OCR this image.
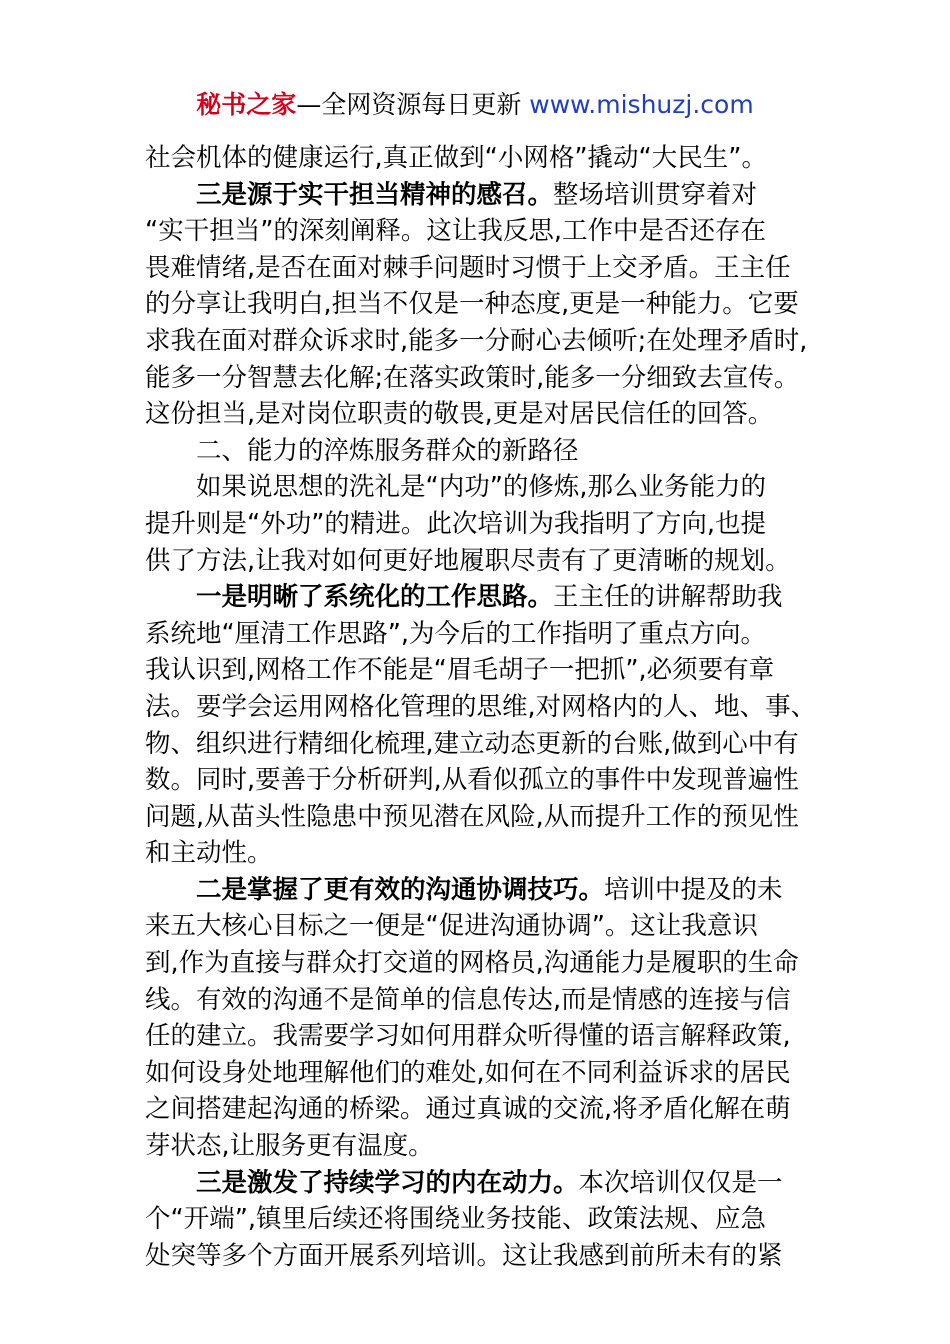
秘书之家—全网资源每日更新 www.mishuzj.com
社会机体的健康运行,真正做到“小网格”撬动“大民生”。
三是源于实干担当精神的感召。整场培训贯穿着对
“实干担当”的深刻阐释。这让我反思,工作中是否还存在
畏难情绪,是否在面对棘手问题时习惯于上交矛盾。王主任
的分享让我明白,担当不仅是一种态度,更是一种能力。它要
求我在面对群众诉求时,能多一分耐心去倾听;在处理矛盾时,
能多一分智慧去化解;在落实政策时,能多一分细致去宣传。
这份担当,是对岗位职责的敬畏,更是对居民信任的回答。
二、能力的淬炼服务群众的新路径
如果说思想的洗礼是“内功”的修炼,那么业务能力的
提升则是“外功”的精进。此次培训为我指明了方向,也提
供了方法,让我对如何更好地履职尽责有了更清晰的规划。
一是明晰了系统化的工作思路。王主任的讲解帮助我
系统地“厘清工作思路”,为今后的工作指明了重点方向。
我认识到,网格工作不能是“眉毛胡子一把抓”,必须要有章
法。要学会运用网格化管理的思维,对网格内的人、地、事、
物、组织进行精细化梳理,建立动态更新的台账,做到心中有
数。同时,要善于分析研判,从看似孤立的事件中发现普遍性
问题,从苗头性隐患中预见潜在风险,从而提升工作的预见性
和主动性。
二是掌握了更有效的沟通协调技巧。培训中提及的未
来五大核心目标之一便是“促进沟通协调”。这让我意识
到,作为直接与群众打交道的网格员,沟通能力是履职的生命
线。有效的沟通不是简单的信息传达,而是情感的连接与信
任的建立。我需要学习如何用群众听得懂的语言解释政策,
如何设身处地理解他们的难处,如何在不同利益诉求的居民
之间搭建起沟通的桥梁。通过真诚的交流,将矛盾化解在萌
芽状态,让服务更有温度。
三是激发了持续学习的内在动力。本次培训仅仅是一
个“开端”,镇里后续还将围绕业务技能、政策法规、应急
处突等多个方面开展系列培训。这让我感到前所未有的紧
